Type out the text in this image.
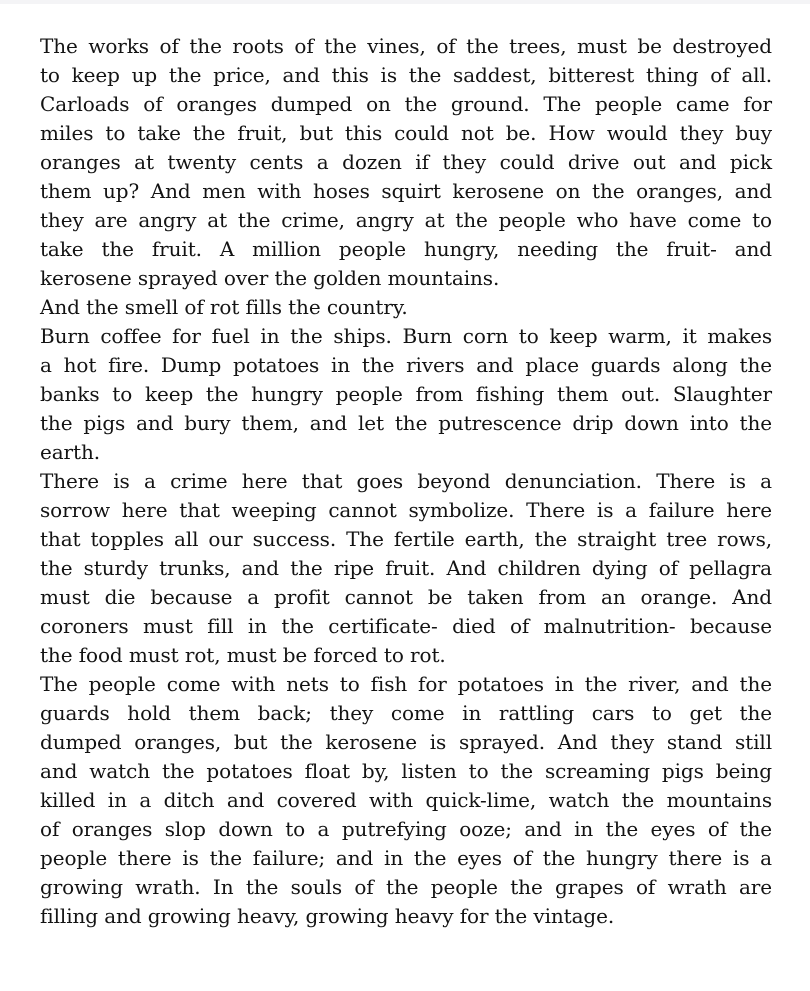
The works of the roots of the vines, of the trees, must be destroyed
to keep up the price, and this is the saddest, bitterest thing of all.
Carloads of oranges dumped on the ground. The people came for
miles to take the fruit, but this could not be. How would they buy
oranges at twenty cents a dozen if they could drive out and pick
them up? And men with hoses squirt kerosene on the oranges, and
they are angry at the crime, angry at the people who have come to
take the fruit. A million people hungry, needing the fruit- and
kerosene sprayed over the golden mountains.
And the smell of rot fills the country.
Burn coffee for fuel in the ships. Burn corn to keep warm, it makes
a hot fire. Dump potatoes in the rivers and place guards along the
banks to keep the hungry people from fishing them out. Slaughter
the pigs and bury them, and let the putrescence drip down into the
earth.
There is a crime here that goes beyond denunciation. There is a
sorrow here that weeping cannot symbolize. There is a failure here
that topples all our success. The fertile earth, the straight tree rows,
the sturdy trunks, and the ripe fruit. And children dying of pellagra
must die because a profit cannot be taken from an orange. And
coroners must fill in the certificate- died of malnutrition- because
the food must rot, must be forced to rot.
The people come with nets to fish for potatoes in the river, and the
guards hold them back; they come in rattling cars to get the
dumped oranges, but the kerosene is sprayed. And they stand still
and watch the potatoes float by, listen to the screaming pigs being
killed in a ditch and covered with quick-lime, watch the mountains
of oranges slop down to a putrefying ooze; and in the eyes of the
people there is the failure; and in the eyes of the hungry there is a
growing wrath. In the souls of the people the grapes of wrath are
filling and growing heavy, growing heavy for the vintage.
